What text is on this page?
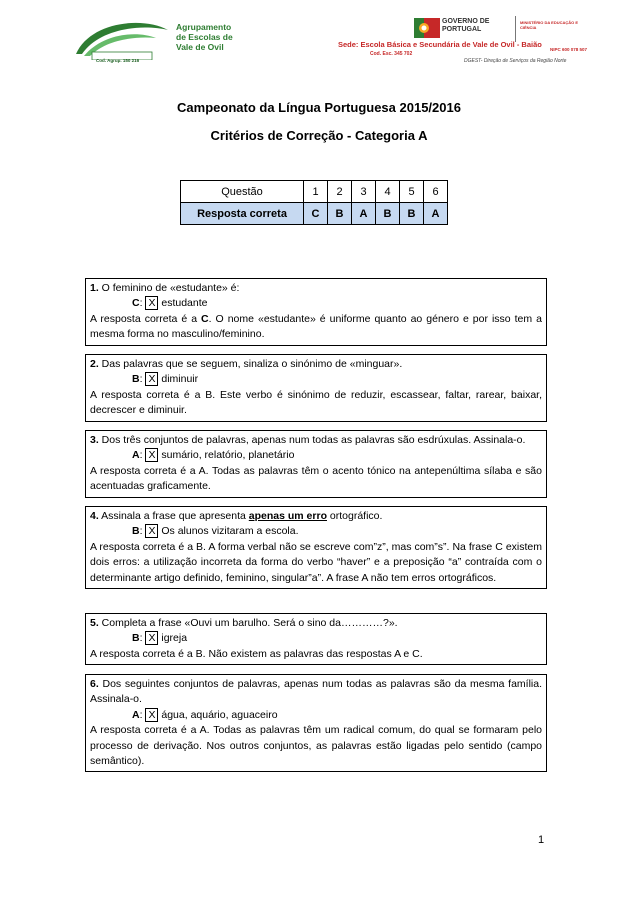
Cod. Agrup. 150 216
Agrupamento
de Escolas de
Vale de Ovil
GOVERNO DE
PORTUGAL
MINISTÉRIO DA EDUCAÇÃO E CIÊNCIA
Sede: Escola Básica e Secundária de Vale de Ovil - Baião
Cod. Esc. 345 702
NIPC 600 078 507
DGEST- Direção de Serviços da Região Norte
Campeonato da Língua Portuguesa 2015/2016
Critérios de Correção - Categoria A
Questão	1	2	3	4	5	6
Resposta correta	C	B	A	B	B	A

1. O feminino de «estudante» é:

C: X estudante

A resposta correta é a C. O nome «estudante» é uniforme quanto ao género e por isso tem a mesma forma no masculino/feminino.

2. Das palavras que se seguem, sinaliza o sinónimo de «minguar».

B: X diminuir

A resposta correta é a B. Este verbo é sinónimo de reduzir, escassear, faltar, rarear, baixar, decrescer e diminuir.

3. Dos três conjuntos de palavras, apenas num todas as palavras são esdrúxulas. Assinala-o.

A: X sumário, relatório, planetário

A resposta correta é a A. Todas as palavras têm o acento tónico na antepenúltima sílaba e são acentuadas graficamente.

4. Assinala a frase que apresenta apenas um erro ortográfico.

B: X Os alunos vizitaram a escola.

A resposta correta é a B. A forma verbal não se escreve com”z”, mas com”s”. Na frase C existem dois erros: a utilização incorreta da forma do verbo “haver” e a preposição “a” contraída com o determinante artigo definido, feminino, singular”a”. A frase A não tem erros ortográficos.

5. Completa a frase «Ouvi um barulho. Será o sino da…………?».

B: X igreja

A resposta correta é a B. Não existem as palavras das respostas A e C.

6. Dos seguintes conjuntos de palavras, apenas num todas as palavras são da mesma família. Assinala-o.

A: X água, aquário, aguaceiro

A resposta correta é a A. Todas as palavras têm um radical comum, do qual se formaram pelo processo de derivação. Nos outros conjuntos, as palavras estão ligadas pelo sentido (campo semântico).

1
